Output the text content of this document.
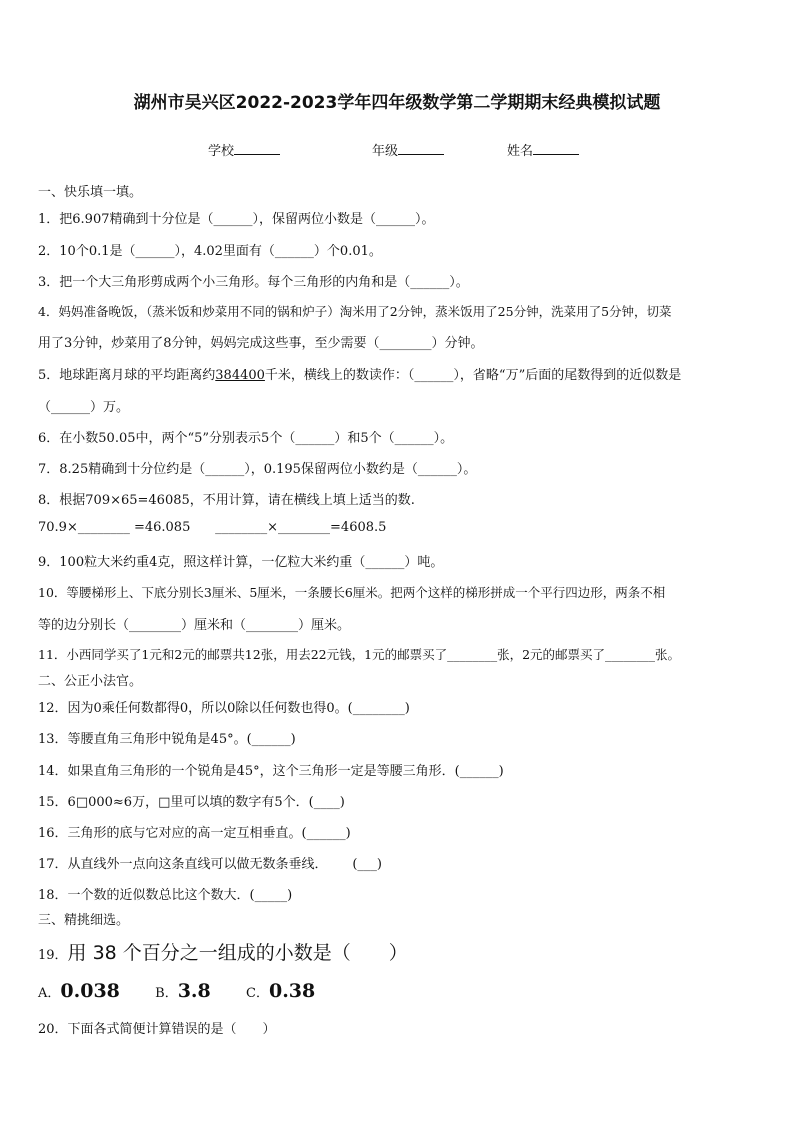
湖州市吴兴区2022-2023学年四年级数学第二学期期末经典模拟试题
学校	年级	姓名
一、快乐填一填。
1．把6.907精确到十分位是（______），保留两位小数是（______）。
2．10个0.1是（______），4.02里面有（______）个0.01。
3．把一个大三角形剪成两个小三角形。每个三角形的内角和是（______）。
4．妈妈准备晚饭，（蒸米饭和炒菜用不同的锅和炉子）淘米用了2分钟，蒸米饭用了25分钟，洗菜用了5分钟，切菜
用了3分钟，炒菜用了8分钟，妈妈完成这些事，至少需要（________）分钟。
5．地球距离月球的平均距离约384400千米，横线上的数读作：（______），省略“万”后面的尾数得到的近似数是
（______）万。
6．在小数50.05中，两个“5”分别表示5个（______）和5个（______）。
7．8.25精确到十分位约是（______），0.195保留两位小数约是（______）。
8．根据709×65=46085，不用计算，请在横线上填上适当的数.
70.9×________ =46.085      ________×________=4608.5
9．100粒大米约重4克，照这样计算，一亿粒大米约重（______）吨。
10．等腰梯形上、下底分别长3厘米、5厘米，一条腰长6厘米。把两个这样的梯形拼成一个平行四边形，两条不相
等的边分别长（________）厘米和（________）厘米。
11．小西同学买了1元和2元的邮票共12张，用去22元钱，1元的邮票买了________张，2元的邮票买了________张。
二、公正小法官。
12．因为0乘任何数都得0，所以0除以任何数也得0。(________)
13．等腰直角三角形中锐角是45°。(______)
14．如果直角三角形的一个锐角是45°，这个三角形一定是等腰三角形．(______)
15．6□000≈6万，□里可以填的数字有5个．(____)
16．三角形的底与它对应的高一定互相垂直。(______)
17．从直线外一点向这条直线可以做无数条垂线．      (___)
18．一个数的近似数总比这个数大．(_____)
三、精挑细选。
19．用 38 个百分之一组成的小数是（　　）
A．0.038	B．3.8	C．0.38
20．下面各式简便计算错误的是（　　）
